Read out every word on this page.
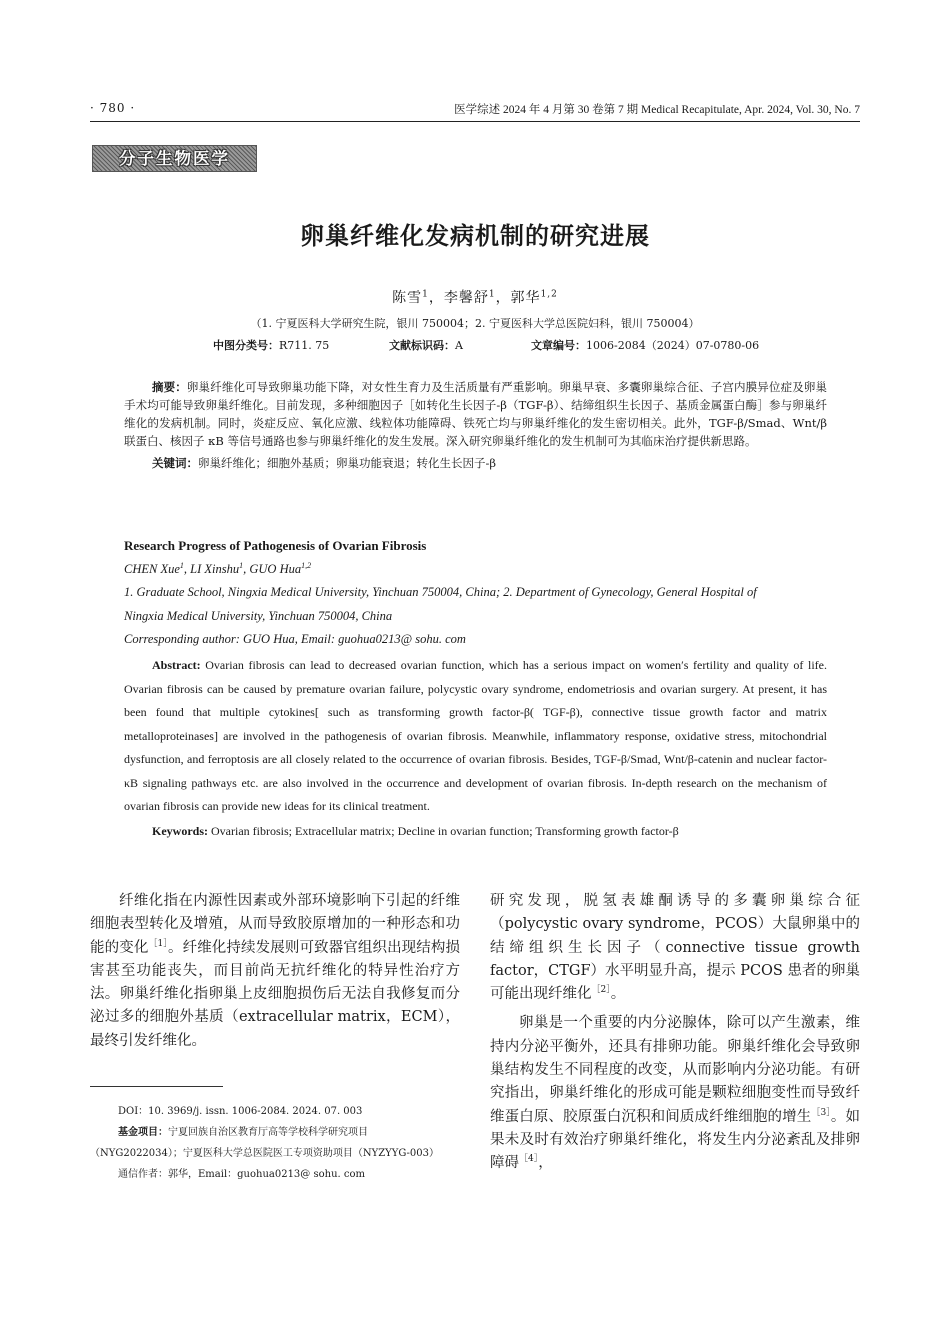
· 780 ·	医学综述 2024 年 4 月第 30 卷第 7 期 Medical Recapitulate, Apr. 2024, Vol. 30, No. 7
分子生物医学
卵巢纤维化发病机制的研究进展
陈雪$^1$，李馨舒$^1$，郭华$^{1,2}$
（1. 宁夏医科大学研究生院，银川 750004；2. 宁夏医科大学总医院妇科，银川 750004）
中图分类号：R711. 75	文献标识码：A	文章编号：1006-2084（2024）07-0780-06

摘要：卵巢纤维化可导致卵巢功能下降，对女性生育力及生活质量有严重影响。卵巢早衰、多囊卵巢综合征、子宫内膜异位症及卵巢手术均可能导致卵巢纤维化。目前发现，多种细胞因子［如转化生长因子-β（TGF-β）、结缔组织生长因子、基质金属蛋白酶］参与卵巢纤维化的发病机制。同时，炎症反应、氧化应激、线粒体功能障碍、铁死亡均与卵巢纤维化的发生密切相关。此外，TGF-β/Smad、Wnt/β 联蛋白、核因子 κB 等信号通路也参与卵巢纤维化的发生发展。深入研究卵巢纤维化的发生机制可为其临床治疗提供新思路。

关键词：卵巢纤维化；细胞外基质；卵巢功能衰退；转化生长因子-β

Research Progress of Pathogenesis of Ovarian Fibrosis
CHEN Xue$^1$, LI Xinshu$^1$, GUO Hua$^{1,2}$
1. Graduate School, Ningxia Medical University, Yinchuan 750004, China; 2. Department of Gynecology, General Hospital of
Ningxia Medical University, Yinchuan 750004, China
Corresponding author: GUO Hua, Email: guohua0213@ sohu. com

Abstract: Ovarian fibrosis can lead to decreased ovarian function, which has a serious impact on women′s fertility and quality of life. Ovarian fibrosis can be caused by premature ovarian failure, polycystic ovary syndrome, endometriosis and ovarian surgery. At present, it has been found that multiple cytokines[ such as transforming growth factor-β( TGF-β), connective tissue growth factor and matrix metalloproteinases] are involved in the pathogenesis of ovarian fibrosis. Meanwhile, inflammatory response, oxidative stress, mitochondrial dysfunction, and ferroptosis are all closely related to the occurrence of ovarian fibrosis. Besides, TGF-β/Smad, Wnt/β-catenin and nuclear factor-κB signaling pathways etc. are also involved in the occurrence and development of ovarian fibrosis. In-depth research on the mechanism of ovarian fibrosis can provide new ideas for its clinical treatment.

Keywords: Ovarian fibrosis; Extracellular matrix; Decline in ovarian function; Transforming growth factor-β

纤维化指在内源性因素或外部环境影响下引起的纤维细胞表型转化及增殖，从而导致胶原增加的一种形态和功能的变化$^{[1]}$。纤维化持续发展则可致器官组织出现结构损害甚至功能丧失，而目前尚无抗纤维化的特异性治疗方法。卵巢纤维化指卵巢上皮细胞损伤后无法自我修复而分泌过多的细胞外基质（extracellular matrix，ECM），最终引发纤维化。

研究发现，脱氢表雄酮诱导的多囊卵巢综合征（polycystic ovary syndrome，PCOS）大鼠卵巢中的结缔组织生长因子（connective tissue growth factor，CTGF）水平明显升高，提示 PCOS 患者的卵巢可能出现纤维化$^{[2]}$。

卵巢是一个重要的内分泌腺体，除可以产生激素，维持内分泌平衡外，还具有排卵功能。卵巢纤维化会导致卵巢结构发生不同程度的改变，从而影响内分泌功能。有研究指出，卵巢纤维化的形成可能是颗粒细胞变性而导致纤维蛋白原、胶原蛋白沉积和间质成纤维细胞的增生$^{[3]}$。如果未及时有效治疗卵巢纤维化，将发生内分泌紊乱及排卵障碍$^{[4]}$，

DOI：10. 3969/j. issn. 1006-2084. 2024. 07. 003
基金项目：宁夏回族自治区教育厅高等学校科学研究项目
（NYG2022034）；宁夏医科大学总医院医工专项资助项目（NYZYYG-003）
通信作者：郭华，Email：guohua0213@ sohu. com
